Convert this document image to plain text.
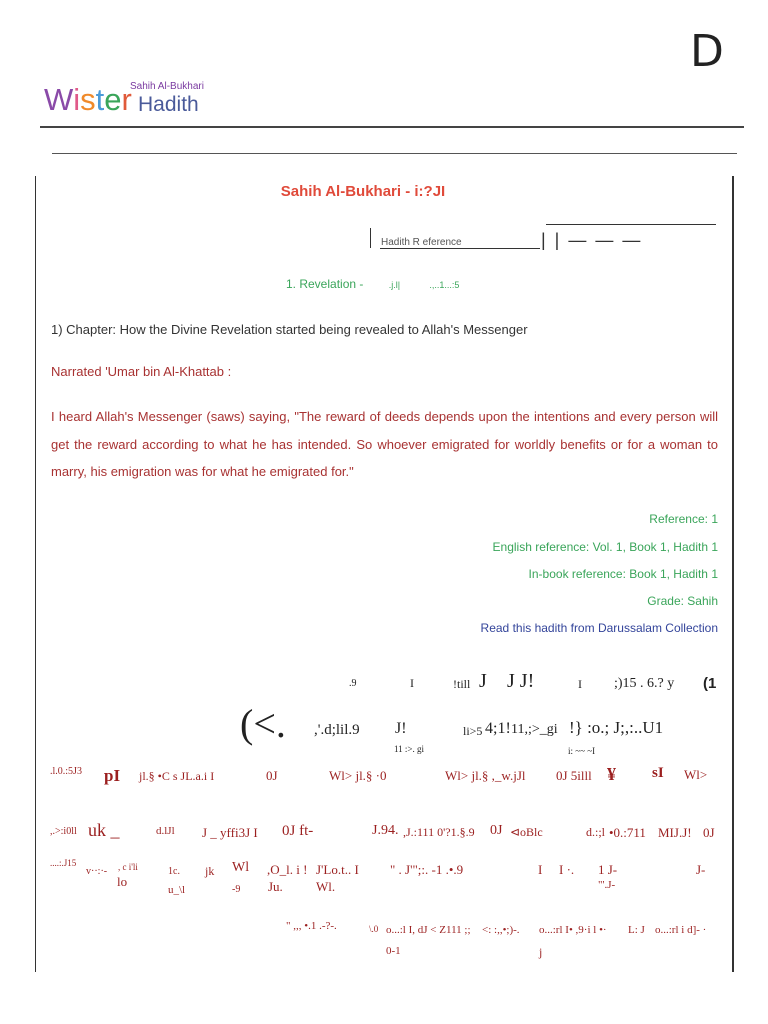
D
Sahih Al-Bukhari
Wister Hadith
Sahih Al-Bukhari - i:?JI
Hadith R eference	| | — — —
1. Revelation -	.j.l|	.,..1...:5
1) Chapter: How the Divine Revelation started being revealed to Allah's Messenger
Narrated 'Umar bin Al-Khattab :
I heard Allah's Messenger (saws) saying, "The reward of deeds depends upon the intentions and every person will get the reward according to what he has intended. So whoever emigrated for worldly benefits or for a woman to marry, his emigration was for what he emigrated for."
Reference: 1
English reference: Vol. 1, Book 1, Hadith 1
In-book reference: Book 1, Hadith 1
Grade: Sahih
Read this hadith from Darussalam Collection
.9	I	!till J J J!	I ;)15 . 6.? y (1
(<. ,'.d;lil.9 J!	li>5 4;1! 11,;>_gi !} :o.; J;,:..U1
11 :>. gi	i: ~~ ~I
.l.0.:5J3 pI jl.§ •C s JL.a.i I	0J	Wl> jl.§ ·0	Wl> jl.§ ,_w.jJl 0J 5illl ¥ sI Wl>
,.>:i0ll uk _	d.lJl J _ yffi3J I 0J ft-	J.94. ,J.:111 0'?1.§.9 0J ⊲oBlc	d.:;l •0.:711 MIJ.J! 0J
....:.J15
v··:·- , c i'li
lo
1c. jk Wl ,O_l. i ! J'Lo.t.. I " . J'";:. -1 .•.9	I I ·. 1 J-	J-
-9 Ju.	Wl.	"'.J-
u_\l
" ,,, •.1 .-?-.	\.0 o...:l I, dJ < Z111 ;; <: :,,•;)-. o...:rl I• ,9·i l •· L: J o...:rl i d]- ·
0-1	j
